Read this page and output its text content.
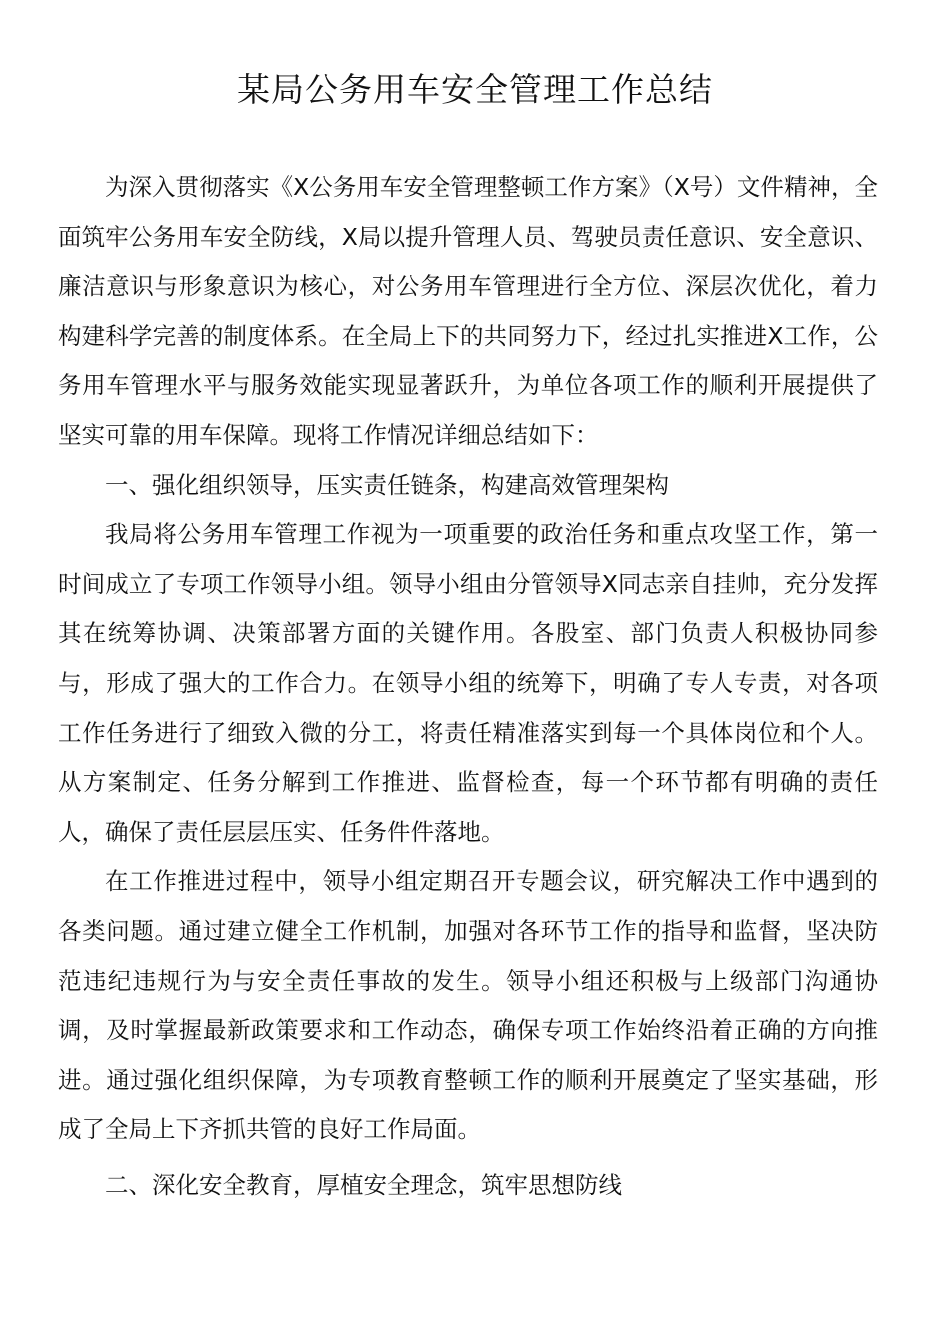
某局公务用车安全管理工作总结

为深入贯彻落实《X公务用车安全管理整顿工作方案》（X号）文件精神，全面筑牢公务用车安全防线，X局以提升管理人员、驾驶员责任意识、安全意识、廉洁意识与形象意识为核心，对公务用车管理进行全方位、深层次优化，着力构建科学完善的制度体系。在全局上下的共同努力下，经过扎实推进X工作，公务用车管理水平与服务效能实现显著跃升，为单位各项工作的顺利开展提供了坚实可靠的用车保障。现将工作情况详细总结如下：

一、强化组织领导，压实责任链条，构建高效管理架构

我局将公务用车管理工作视为一项重要的政治任务和重点攻坚工作，第一时间成立了专项工作领导小组。领导小组由分管领导X同志亲自挂帅，充分发挥其在统筹协调、决策部署方面的关键作用。各股室、部门负责人积极协同参与，形成了强大的工作合力。在领导小组的统筹下，明确了专人专责，对各项工作任务进行了细致入微的分工，将责任精准落实到每一个具体岗位和个人。从方案制定、任务分解到工作推进、监督检查，每一个环节都有明确的责任人，确保了责任层层压实、任务件件落地。

在工作推进过程中，领导小组定期召开专题会议，研究解决工作中遇到的各类问题。通过建立健全工作机制，加强对各环节工作的指导和监督，坚决防范违纪违规行为与安全责任事故的发生。领导小组还积极与上级部门沟通协调，及时掌握最新政策要求和工作动态，确保专项工作始终沿着正确的方向推进。通过强化组织保障，为专项教育整顿工作的顺利开展奠定了坚实基础，形成了全局上下齐抓共管的良好工作局面。

二、深化安全教育，厚植安全理念，筑牢思想防线
